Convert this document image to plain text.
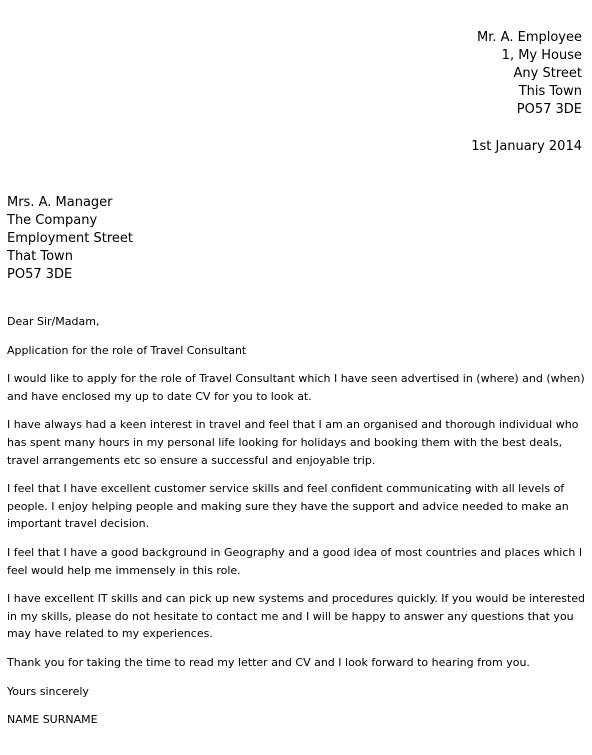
Mr. A. Employee
1, My House
Any Street
This Town
PO57 3DE
1st January 2014
Mrs. A. Manager
The Company
Employment Street
That Town
PO57 3DE

Dear Sir/Madam,

Application for the role of Travel Consultant

I would like to apply for the role of Travel Consultant which I have seen advertised in (where) and (when) and have enclosed my up to date CV for you to look at.

I have always had a keen interest in travel and feel that I am an organised and thorough individual who has spent many hours in my personal life looking for holidays and booking them with the best deals, travel arrangements etc so ensure a successful and enjoyable trip.

I feel that I have excellent customer service skills and feel confident communicating with all levels of people. I enjoy helping people and making sure they have the support and advice needed to make an important travel decision.

I feel that I have a good background in Geography and a good idea of most countries and places which I feel would help me immensely in this role.

I have excellent IT skills and can pick up new systems and procedures quickly. If you would be interested in my skills, please do not hesitate to contact me and I will be happy to answer any questions that you may have related to my experiences.

Thank you for taking the time to read my letter and CV and I look forward to hearing from you.

Yours sincerely

NAME SURNAME
